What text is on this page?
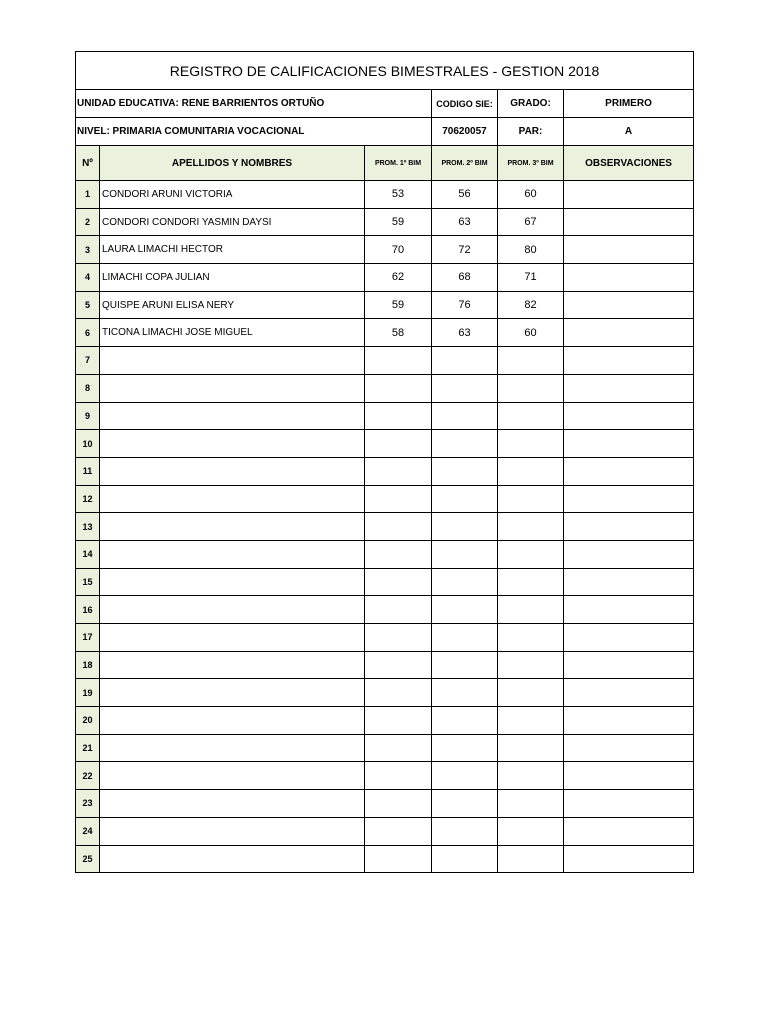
REGISTRO DE CALIFICACIONES BIMESTRALES - GESTION 2018					
UNIDAD EDUCATIVA: RENE BARRIENTOS ORTUÑO			CODIGO SIE:	GRADO:	PRIMERO
NIVEL: PRIMARIA COMUNITARIA VOCACIONAL			70620057	PAR:	A
Nº	APELLIDOS Y NOMBRES	PROM. 1º BIM	PROM. 2º BIM	PROM. 3º BIM	OBSERVACIONES
1	CONDORI ARUNI VICTORIA	53	56	60	
2	CONDORI CONDORI YASMIN DAYSI	59	63	67	
3	LAURA LIMACHI HECTOR	70	72	80	
4	LIMACHI COPA JULIAN	62	68	71	
5	QUISPE ARUNI ELISA NERY	59	76	82	
6	TICONA LIMACHI JOSE MIGUEL	58	63	60	
7					
8					
9					
10					
11					
12					
13					
14					
15					
16					
17					
18					
19					
20					
21					
22					
23					
24					
25					
